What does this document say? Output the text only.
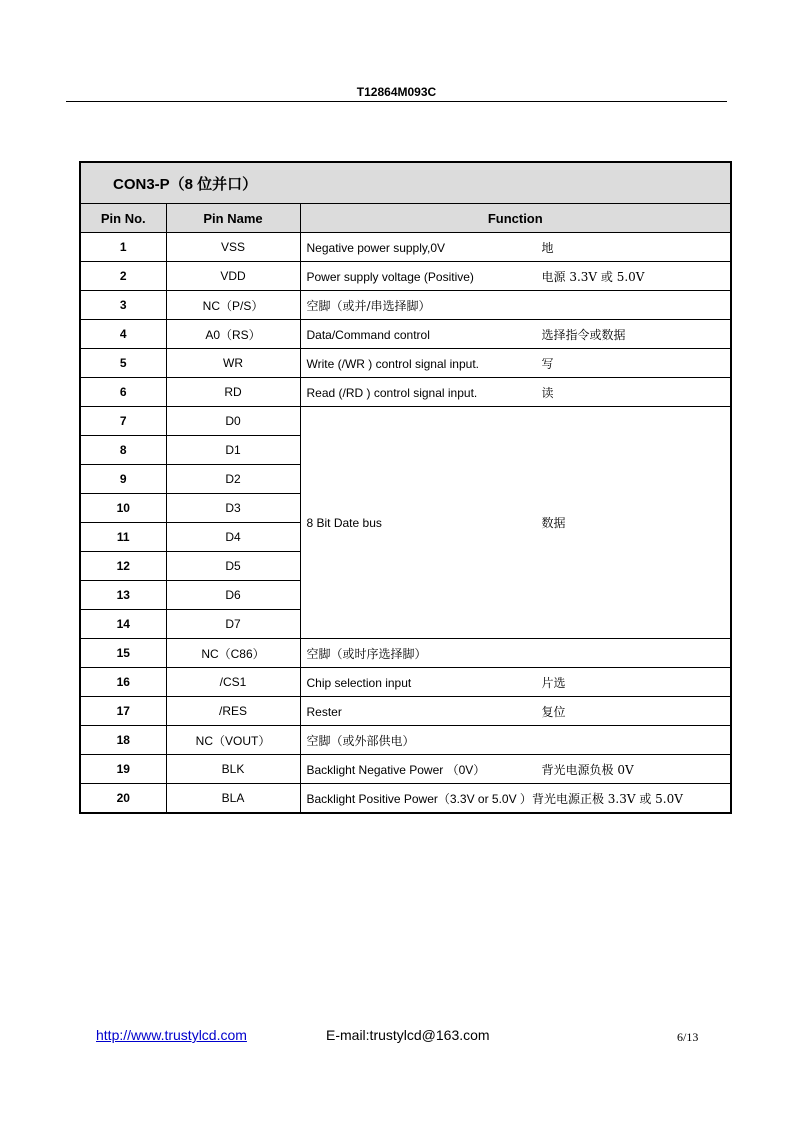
T12864M093C
CON3-P（8 位并口）		
Pin No.	Pin Name	Function
1	VSS	Negative power supply,0V 地
2	VDD	Power supply voltage (Positive) 电源 3.3V 或 5.0V
3	NC（P/S）	空脚（或并/串选择脚）
4	A0（RS）	Data/Command control 选择指令或数据
5	WR	Write (/WR ) control signal input. 写
6	RD	Read (/RD ) control signal input. 读
7	D0	8 Bit Date bus 数据
8	D1	
9	D2	
10	D3	
11	D4	
12	D5	
13	D6	
14	D7	
15	NC（C86）	空脚（或时序选择脚）
16	/CS1	Chip selection input 片选
17	/RES	Rester 复位
18	NC（VOUT）	空脚（或外部供电）
19	BLK	Backlight Negative Power （0V） 背光电源负极 0V
20	BLA	Backlight Positive Power（3.3V or 5.0V ）背光电源正极 3.3V 或 5.0V
http://www.trustylcd.com	E-mail:trustylcd@163.com	6/13
